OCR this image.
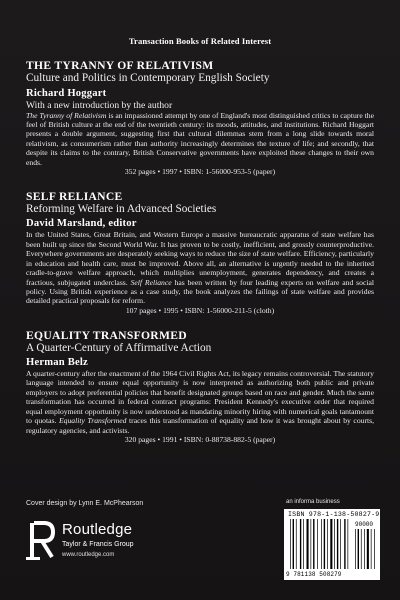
Transaction Books of Related Interest
THE TYRANNY OF RELATIVISM
Culture and Politics in Contemporary English Society
Richard Hoggart
With a new introduction by the author

The Tyranny of Relativism is an impassioned attempt by one of England's most distinguished critics to capture the feel of British culture at the end of the twentieth century: its moods, attitudes, and institutions. Richard Hoggart presents a double argument, suggesting first that cultural dilemmas stem from a long slide towards moral relativism, as consumerism rather than authority increasingly determines the texture of life; and secondly, that despite its claims to the contrary, British Conservative governments have exploited these changes to their own ends.

352 pages • 1997 • ISBN: 1-56000-953-5 (paper)
SELF RELIANCE
Reforming Welfare in Advanced Societies
David Marsland, editor

In the United States, Great Britain, and Western Europe a massive bureaucratic apparatus of state welfare has been built up since the Second World War. It has proven to be costly, inefficient, and grossly counterproductive. Everywhere governments are desperately seeking ways to reduce the size of state welfare. Efficiency, particularly in education and health care, must be improved. Above all, an alternative is urgently needed to the inherited cradle-to-grave welfare approach, which multiplies unemployment, generates dependency, and creates a fractious, subjugated underclass. Self Reliance has been written by four leading experts on welfare and social policy. Using British experience as a case study, the book analyzes the failings of state welfare and provides detailed practical proposals for reform.

107 pages • 1995 • ISBN: 1-56000-211-5 (cloth)
EQUALITY TRANSFORMED
A Quarter-Century of Affirmative Action
Herman Belz

A quarter-century after the enactment of the 1964 Civil Rights Act, its legacy remains controversial. The statutory language intended to ensure equal opportunity is now interpreted as authorizing both public and private employers to adopt preferential policies that benefit designated groups based on race and gender. Much the same transformation has occurred in federal contract programs: President Kennedy's executive order that required equal employment opportunity is now understood as mandating minority hiring with numerical goals tantamount to quotas. Equality Transformed traces this transformation of equality and how it was brought about by courts, regulatory agencies, and activists.

320 pages • 1991 • ISBN: 0-88738-882-5 (paper)
Cover design by Lynn E. McPhearson	an informa business
Routledge
Taylor & Francis Group
www.routledge.com
ISBN 978-1-138-50827-9
90000
9 781138 508279
